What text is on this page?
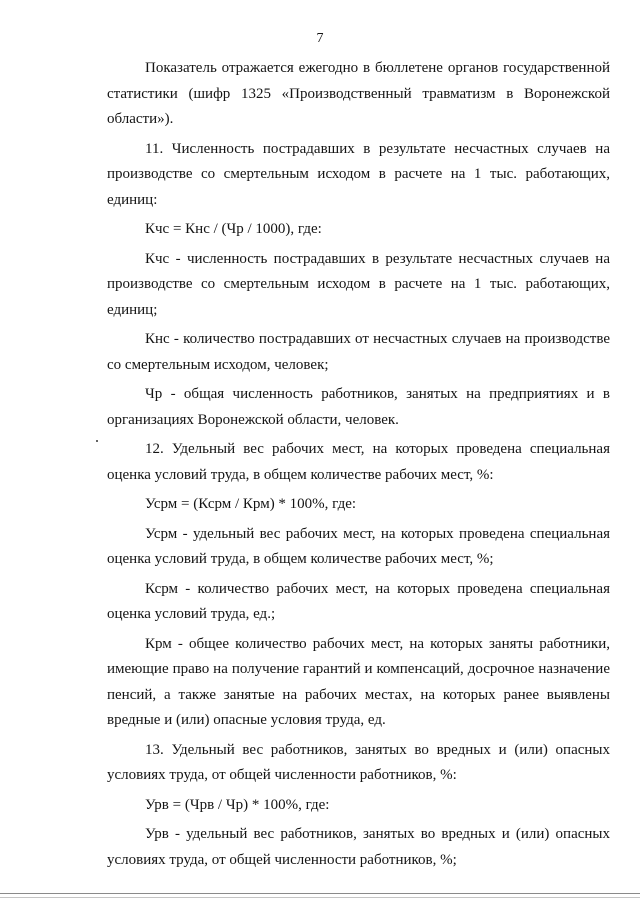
7

Показатель отражается ежегодно в бюллетене органов государственной статистики (шифр 1325 «Производственный травматизм в Воронежской области»).

11. Численность пострадавших в результате несчастных случаев на производстве со смертельным исходом в расчете на 1 тыс. работающих, единиц:

Кчс = Кнс / (Чр / 1000), где:

Кчс - численность пострадавших в результате несчастных случаев на производстве со смертельным исходом в расчете на 1 тыс. работающих, единиц;

Кнс - количество пострадавших от несчастных случаев на производстве со смертельным исходом, человек;

Чр - общая численность работников, занятых на предприятиях и в организациях Воронежской области, человек.

12. Удельный вес рабочих мест, на которых проведена специальная оценка условий труда, в общем количестве рабочих мест, %:

Усрм = (Ксрм / Крм) * 100%, где:

Усрм - удельный вес рабочих мест, на которых проведена специальная оценка условий труда, в общем количестве рабочих мест, %;

Ксрм - количество рабочих мест, на которых проведена специальная оценка условий труда, ед.;

Крм - общее количество рабочих мест, на которых заняты работники, имеющие право на получение гарантий и компенсаций, досрочное назначение пенсий, а также занятые на рабочих местах, на которых ранее выявлены вредные и (или) опасные условия труда, ед.

13. Удельный вес работников, занятых во вредных и (или) опасных условиях труда, от общей численности работников, %:

Урв = (Чрв / Чр) * 100%, где:

Урв - удельный вес работников, занятых во вредных и (или) опасных условиях труда, от общей численности работников, %;
